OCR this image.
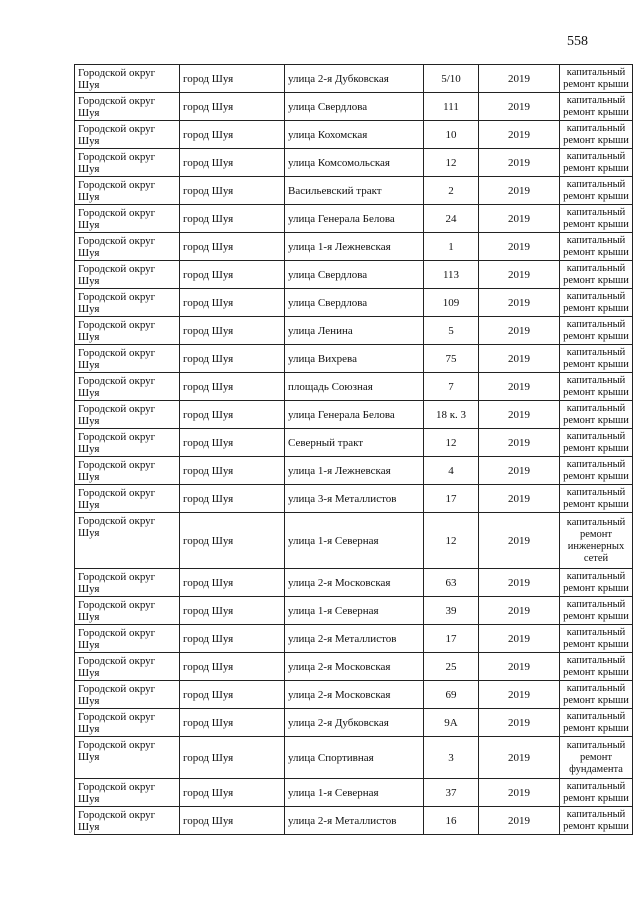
558
Городской округ Шуя	город Шуя	улица 2-я Дубковская	5/10	2019	капитальный ремонт крыши
Городской округ Шуя	город Шуя	улица Свердлова	111	2019	капитальный ремонт крыши
Городской округ Шуя	город Шуя	улица Кохомская	10	2019	капитальный ремонт крыши
Городской округ Шуя	город Шуя	улица Комсомольская	12	2019	капитальный ремонт крыши
Городской округ Шуя	город Шуя	Васильевский тракт	2	2019	капитальный ремонт крыши
Городской округ Шуя	город Шуя	улица Генерала Белова	24	2019	капитальный ремонт крыши
Городской округ Шуя	город Шуя	улица 1-я Лежневская	1	2019	капитальный ремонт крыши
Городской округ Шуя	город Шуя	улица Свердлова	113	2019	капитальный ремонт крыши
Городской округ Шуя	город Шуя	улица Свердлова	109	2019	капитальный ремонт крыши
Городской округ Шуя	город Шуя	улица Ленина	5	2019	капитальный ремонт крыши
Городской округ Шуя	город Шуя	улица Вихрева	75	2019	капитальный ремонт крыши
Городской округ Шуя	город Шуя	площадь Союзная	7	2019	капитальный ремонт крыши
Городской округ Шуя	город Шуя	улица Генерала Белова	18 к. 3	2019	капитальный ремонт крыши
Городской округ Шуя	город Шуя	Северный тракт	12	2019	капитальный ремонт крыши
Городской округ Шуя	город Шуя	улица 1-я Лежневская	4	2019	капитальный ремонт крыши
Городской округ Шуя	город Шуя	улица 3-я Металлистов	17	2019	капитальный ремонт крыши
Городской округ Шуя	город Шуя	улица 1-я Северная	12	2019	капитальный ремонт инженерных сетей
Городской округ Шуя	город Шуя	улица 2-я Московская	63	2019	капитальный ремонт крыши
Городской округ Шуя	город Шуя	улица 1-я Северная	39	2019	капитальный ремонт крыши
Городской округ Шуя	город Шуя	улица 2-я Металлистов	17	2019	капитальный ремонт крыши
Городской округ Шуя	город Шуя	улица 2-я Московская	25	2019	капитальный ремонт крыши
Городской округ Шуя	город Шуя	улица 2-я Московская	69	2019	капитальный ремонт крыши
Городской округ Шуя	город Шуя	улица 2-я Дубковская	9А	2019	капитальный ремонт крыши
Городской округ Шуя	город Шуя	улица Спортивная	3	2019	капитальный ремонт фундамента
Городской округ Шуя	город Шуя	улица 1-я Северная	37	2019	капитальный ремонт крыши
Городской округ Шуя	город Шуя	улица 2-я Металлистов	16	2019	капитальный ремонт крыши
